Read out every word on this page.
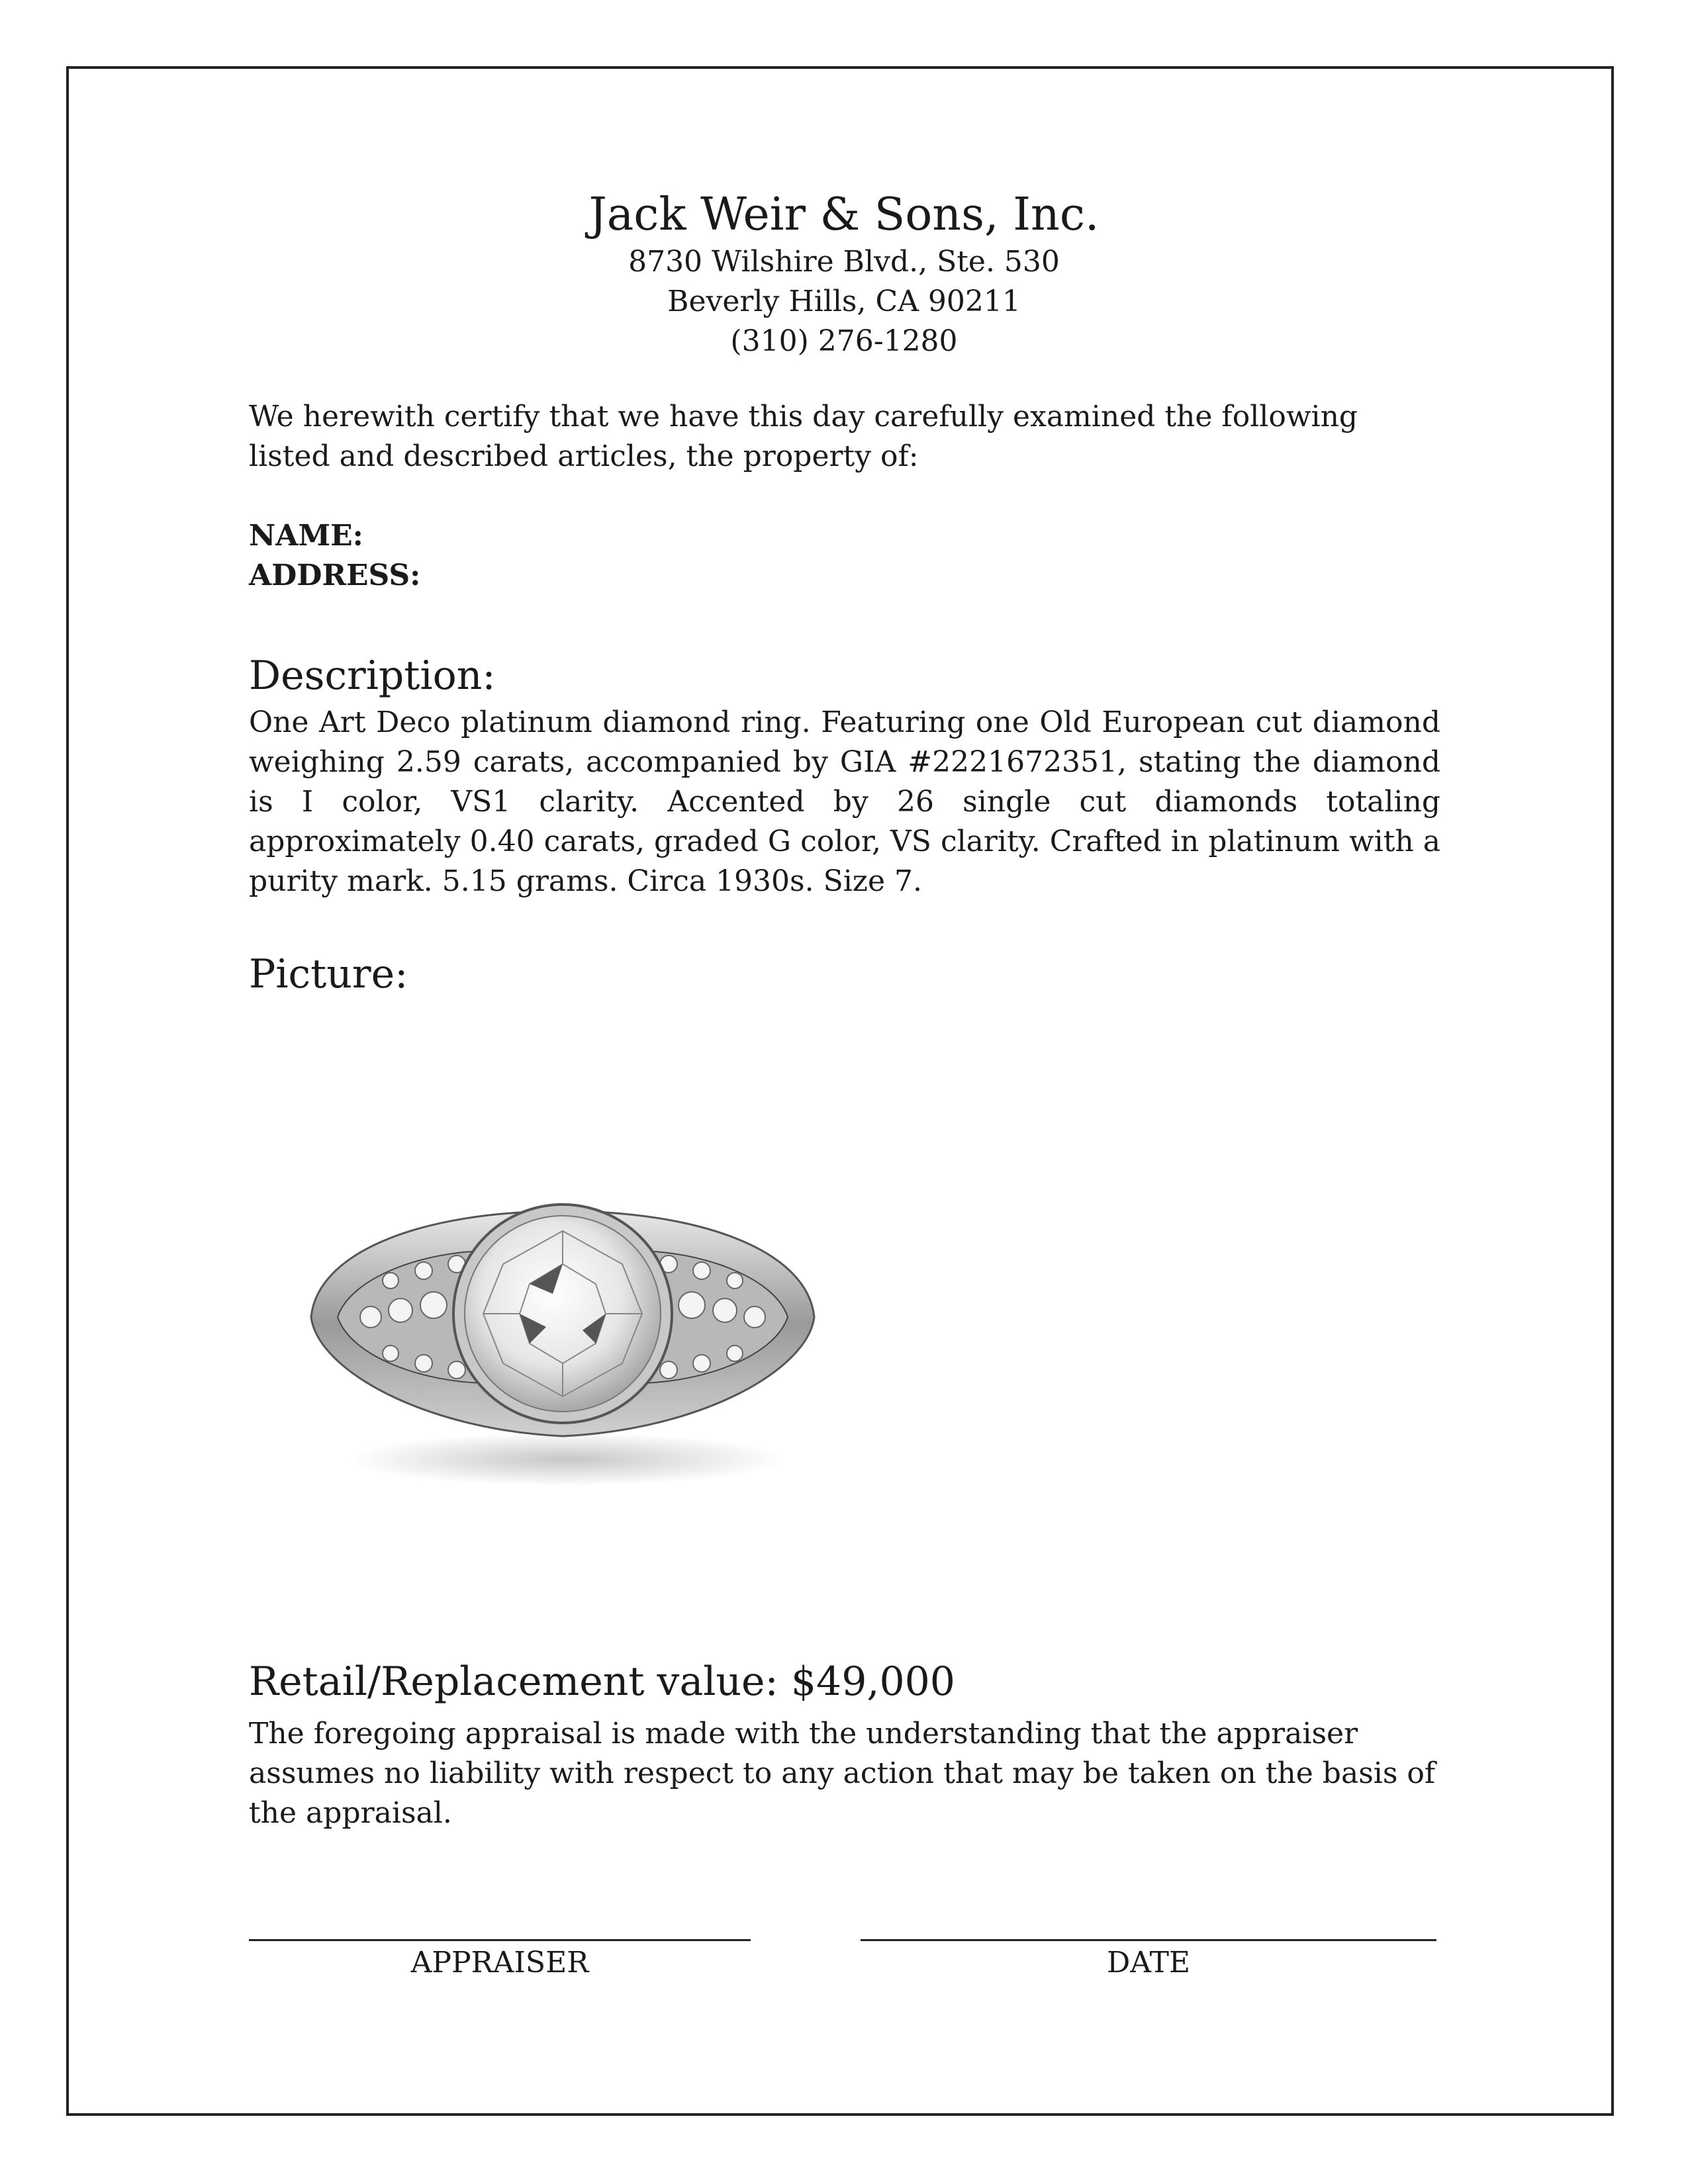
Jack Weir & Sons, Inc.

8730 Wilshire Blvd., Ste. 530

Beverly Hills, CA 90211

(310) 276-1280

We herewith certify that we have this day carefully examined the following listed and described articles, the property of:

NAME:

ADDRESS:

Description:

One Art Deco platinum diamond ring. Featuring one Old European cut diamond weighing 2.59 carats, accompanied by GIA #2221672351, stating the diamond is I color, VS1 clarity. Accented by 26 single cut diamonds totaling approximately 0.40 carats, graded G color, VS clarity. Crafted in platinum with a purity mark. 5.15 grams. Circa 1930s. Size 7.

Picture:

Retail/Replacement value: $49,000

The foregoing appraisal is made with the understanding that the appraiser assumes no liability with respect to any action that may be taken on the basis of the appraisal.

APPRAISER	DATE
